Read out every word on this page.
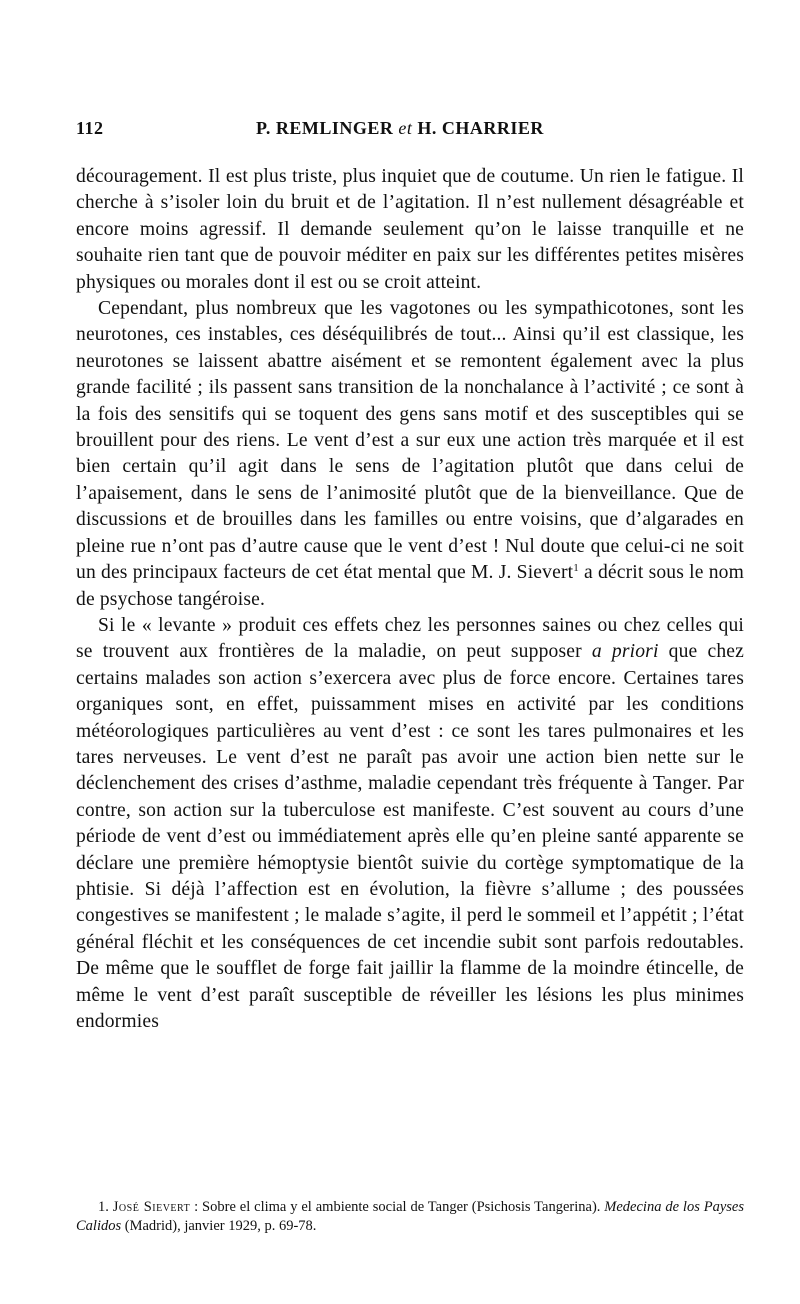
112	P. REMLINGER et H. CHARRIER

découragement. Il est plus triste, plus inquiet que de coutume. Un rien le fatigue. Il cherche à s’isoler loin du bruit et de l’agitation. Il n’est nullement désagréable et encore moins agressif. Il demande seulement qu’on le laisse tranquille et ne souhaite rien tant que de pouvoir méditer en paix sur les différentes petites misères physiques ou morales dont il est ou se croit atteint.

Cependant, plus nombreux que les vagotones ou les sympathicotones, sont les neurotones, ces instables, ces déséquilibrés de tout... Ainsi qu’il est classique, les neurotones se laissent abattre aisément et se remontent également avec la plus grande facilité ; ils passent sans transition de la nonchalance à l’activité ; ce sont à la fois des sensitifs qui se toquent des gens sans motif et des susceptibles qui se brouillent pour des riens. Le vent d’est a sur eux une action très marquée et il est bien certain qu’il agit dans le sens de l’agitation plutôt que dans celui de l’apaisement, dans le sens de l’animosité plutôt que de la bienveillance. Que de discussions et de brouilles dans les familles ou entre voisins, que d’algarades en pleine rue n’ont pas d’autre cause que le vent d’est ! Nul doute que celui-ci ne soit un des principaux facteurs de cet état mental que M. J. Sievert$^1$ a décrit sous le nom de psychose tangéroise.

Si le « levante » produit ces effets chez les personnes saines ou chez celles qui se trouvent aux frontières de la maladie, on peut supposer a priori que chez certains malades son action s’exercera avec plus de force encore. Certaines tares organiques sont, en effet, puissamment mises en activité par les conditions météorologiques particulières au vent d’est : ce sont les tares pulmonaires et les tares nerveuses. Le vent d’est ne paraît pas avoir une action bien nette sur le déclenchement des crises d’asthme, maladie cependant très fréquente à Tanger. Par contre, son action sur la tuberculose est manifeste. C’est souvent au cours d’une période de vent d’est ou immédiatement après elle qu’en pleine santé apparente se déclare une première hémoptysie bientôt suivie du cortège symptomatique de la phtisie. Si déjà l’affection est en évolution, la fièvre s’allume ; des poussées congestives se manifestent ; le malade s’agite, il perd le sommeil et l’appétit ; l’état général fléchit et les conséquences de cet incendie subit sont parfois redoutables. De même que le soufflet de forge fait jaillir la flamme de la moindre étincelle, de même le vent d’est paraît susceptible de réveiller les lésions les plus minimes endormies

1. José Sievert : Sobre el clima y el ambiente social de Tanger (Psichosis Tangerina). Medecina de los Payses Calidos (Madrid), janvier 1929, p. 69-78.
